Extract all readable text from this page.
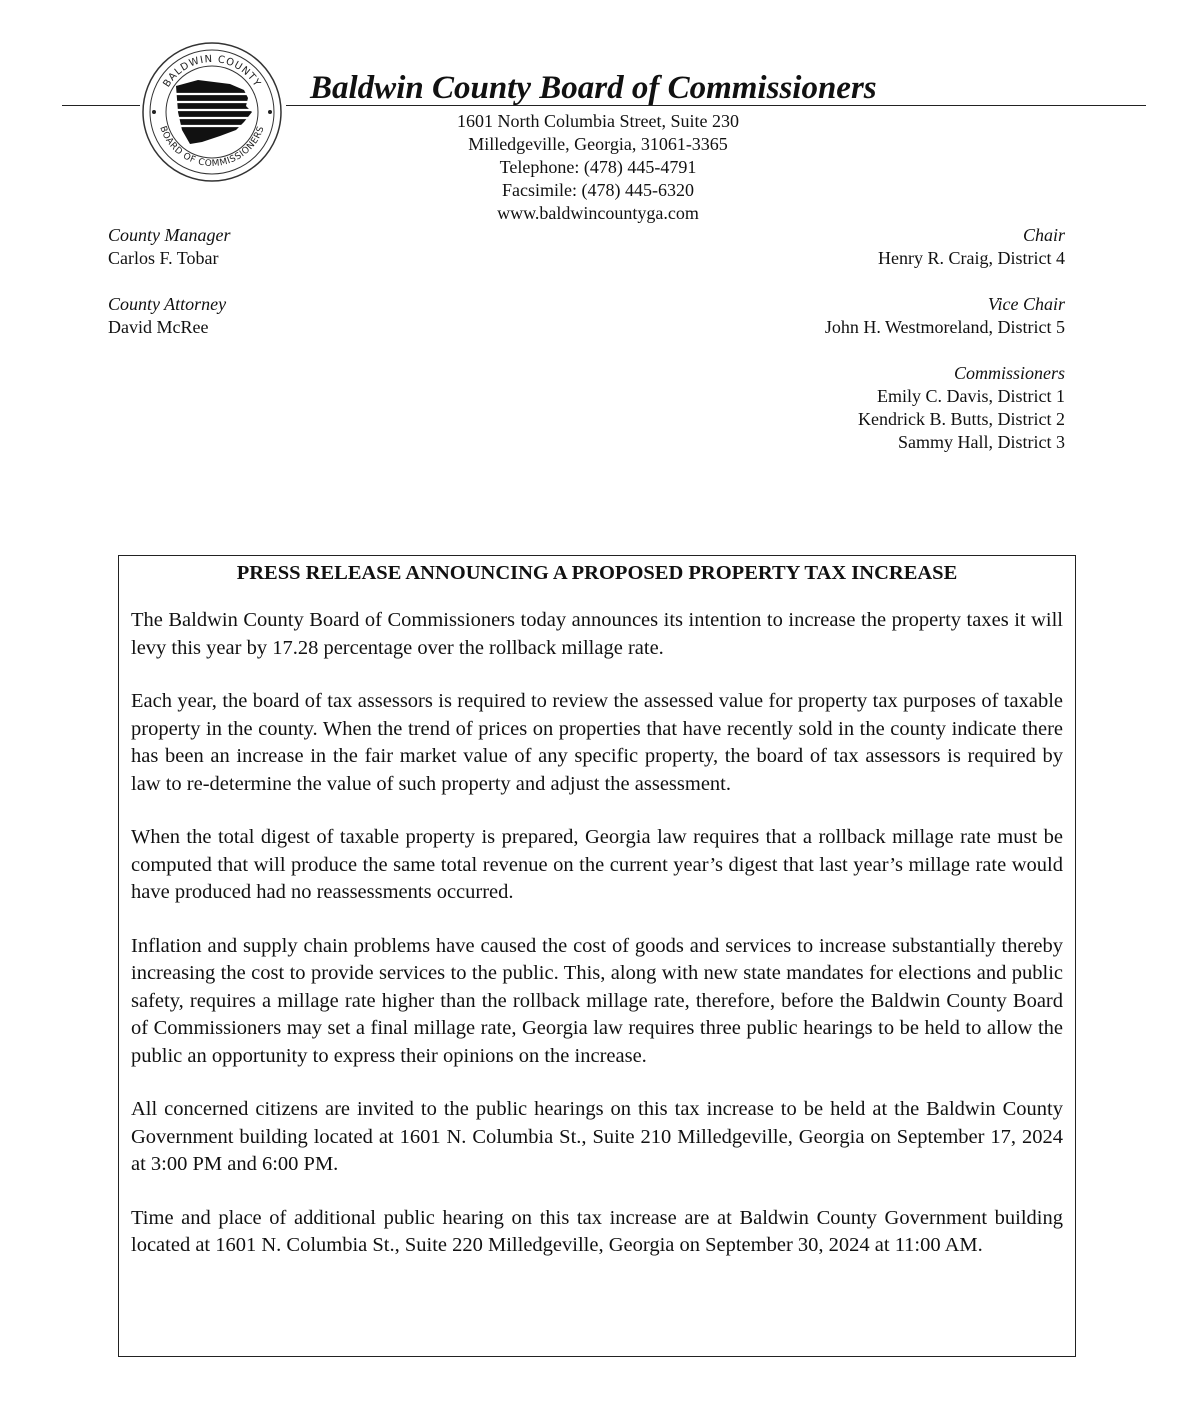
BALDWIN COUNTY
BOARD OF COMMISSIONERS
Baldwin County Board of Commissioners
1601 North Columbia Street, Suite 230
Milledgeville, Georgia, 31061-3365
Telephone: (478) 445-4791
Facsimile: (478) 445-6320
www.baldwincountyga.com
County Manager
Carlos F. Tobar
County Attorney
David McRee
Chair
Henry R. Craig, District 4
Vice Chair
John H. Westmoreland, District 5
Commissioners
Emily C. Davis, District 1
Kendrick B. Butts, District 2
Sammy Hall, District 3
PRESS RELEASE ANNOUNCING A PROPOSED PROPERTY TAX INCREASE

The Baldwin County Board of Commissioners today announces its intention to increase the property taxes it will levy this year by 17.28 percentage over the rollback millage rate.

Each year, the board of tax assessors is required to review the assessed value for property tax purposes of taxable property in the county. When the trend of prices on properties that have recently sold in the county indicate there has been an increase in the fair market value of any specific property, the board of tax assessors is required by law to re-determine the value of such property and adjust the assessment.

When the total digest of taxable property is prepared, Georgia law requires that a rollback millage rate must be computed that will produce the same total revenue on the current year’s digest that last year’s millage rate would have produced had no reassessments occurred.

Inflation and supply chain problems have caused the cost of goods and services to increase substantially thereby increasing the cost to provide services to the public. This, along with new state mandates for elections and public safety, requires a millage rate higher than the rollback millage rate, therefore, before the Baldwin County Board of Commissioners may set a final millage rate, Georgia law requires three public hearings to be held to allow the public an opportunity to express their opinions on the increase.

All concerned citizens are invited to the public hearings on this tax increase to be held at the Baldwin County Government building located at 1601 N. Columbia St., Suite 210 Milledgeville, Georgia on September 17, 2024 at 3:00 PM and 6:00 PM.

Time and place of additional public hearing on this tax increase are at Baldwin County Government building located at 1601 N. Columbia St., Suite 220 Milledgeville, Georgia on September 30, 2024 at 11:00 AM.
